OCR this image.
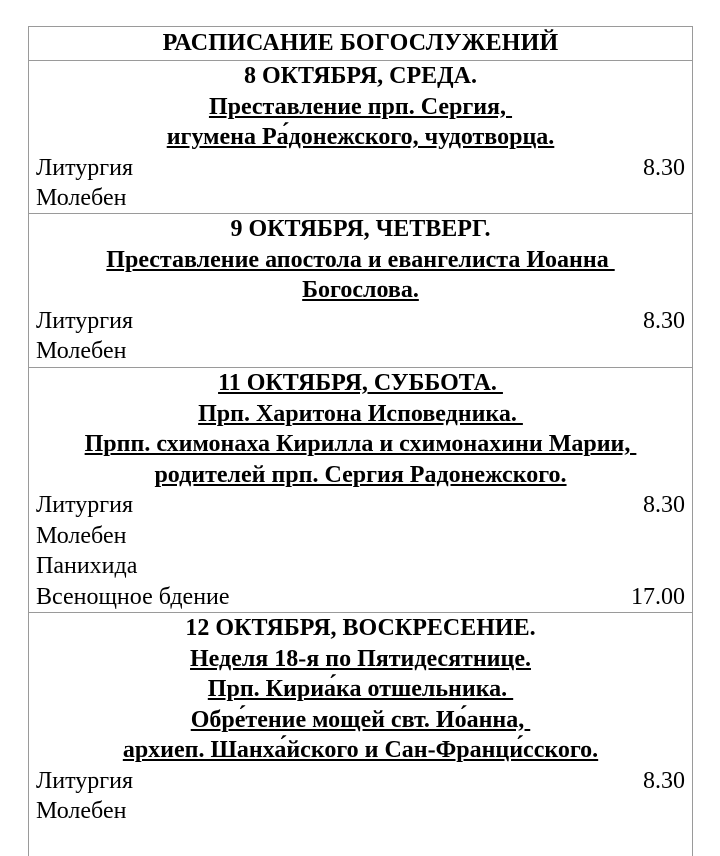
РАСПИСАНИЕ БОГОСЛУЖЕНИЙ
8 ОКТЯБРЯ, СРЕДА.
Преставление прп. Сергия,
игумена Ра́донежского, чудотворца.
Литургия	8.30
Молебен
9 ОКТЯБРЯ, ЧЕТВЕРГ.
Преставление апостола и евангелиста Иоанна
Богослова.
Литургия	8.30
Молебен
11 ОКТЯБРЯ, СУББОТА.
Прп. Харитона Исповедника.
Прпп. схимонаха Кирилла и схимонахини Марии,
родителей прп. Сергия Радонежского.
Литургия	8.30
Молебен
Панихида
Всенощное бдение	17.00
12 ОКТЯБРЯ, ВОСКРЕСЕНИЕ.
Неделя 18-я по Пятидесятнице.
Прп. Кириа́ка отшельника.
Обре́тение мощей свт. Ио́анна,
архиеп. Шанха́йского и Сан-Франци́сского.
Литургия	8.30
Молебен
